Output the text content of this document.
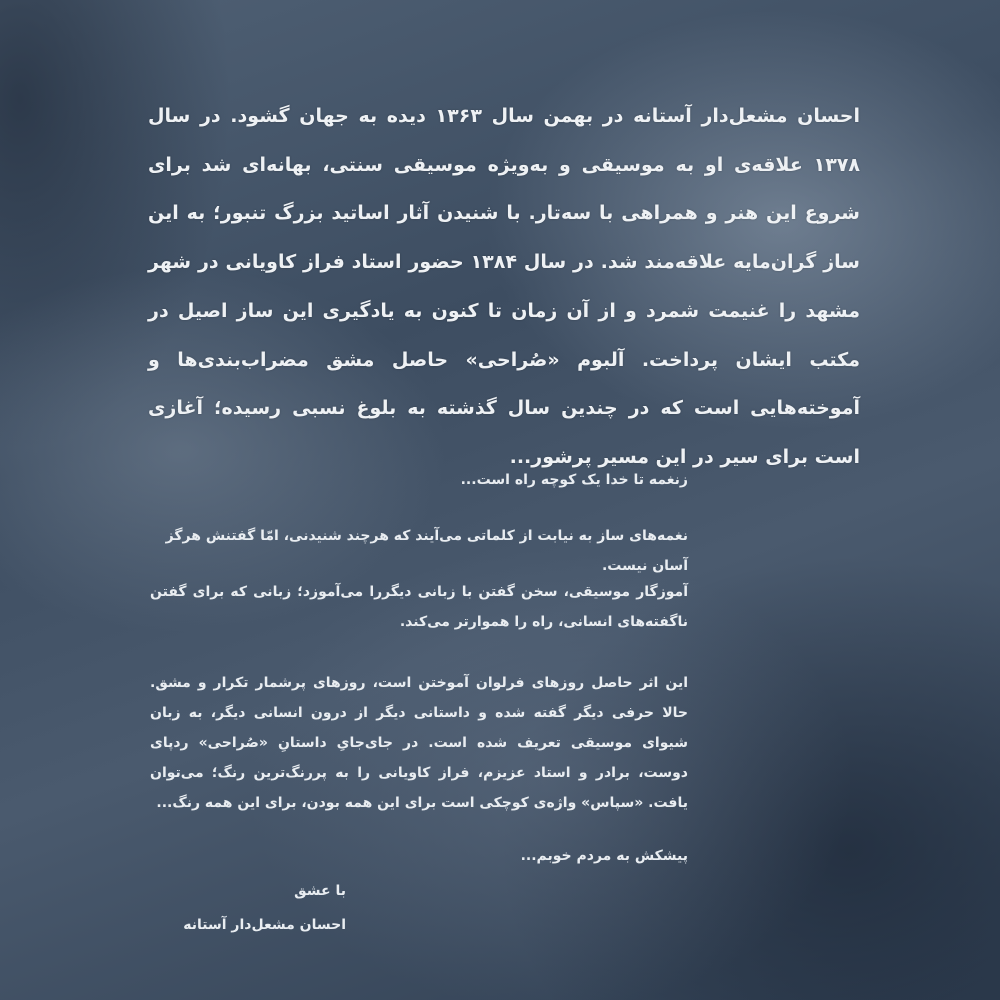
احسان مشعل‌دار آستانه در بهمن سال ۱۳۶۳ دیده به جهان گشود. در سال ۱۳۷۸ علاقه‌ی او به موسیقی و به‌ویژه موسیقی سنتی، بهانه‌ای شد برای شروع این هنر و همراهی با سه‌تار. با شنیدن آثار اساتید بزرگ تنبور؛ به این ساز گران‌مایه علاقه‌مند شد. در سال ۱۳۸۴ حضور استاد فراز کاویانی در شهر مشهد را غنیمت شمرد و از آن زمان تا کنون به یادگیری این ساز اصیل در مکتب ایشان پرداخت. آلبوم «صُراحی» حاصل مشق مضراب‌بندی‌ها و آموخته‌هایی است که در چندین سال گذشته به بلوغ نسبی رسیده؛ آغازی است برای سیر در این مسیر پرشور...
زنغمه تا خدا یک کوچه راه است...
نغمه‌های ساز به نیابت از کلماتی می‌آیند که هرچند شنیدنی، امّا گفتنش هرگز آسان نیست.
آموزگار موسیقی، سخن گفتن با زبانی دیگررا می‌آموزد؛ زبانی که برای گفتن ناگفته‌های انسانی، راه را هموارتر می‌کند.
این اثر حاصل روزهای فرلوان آموختن است، روزهای پرشمار تکرار و مشق. حالا حرفی دیگر گفته شده و داستانی دیگر از درون انسانی دیگر، به زبان شیوای موسیقی تعریف شده است. در جای‌جایِ داستانِ «صُراحی» ردپای دوست، برادر و استاد عزیزم، فراز کاویانی را به پررنگ‌ترین رنگ؛ می‌توان یافت. «سپاس» واژه‌ی کوچکی است برای این همه بودن، برای این همه رنگ...
پیشکش به مردم خوبم...
با عشق
احسان مشعل‌دار آستانه
